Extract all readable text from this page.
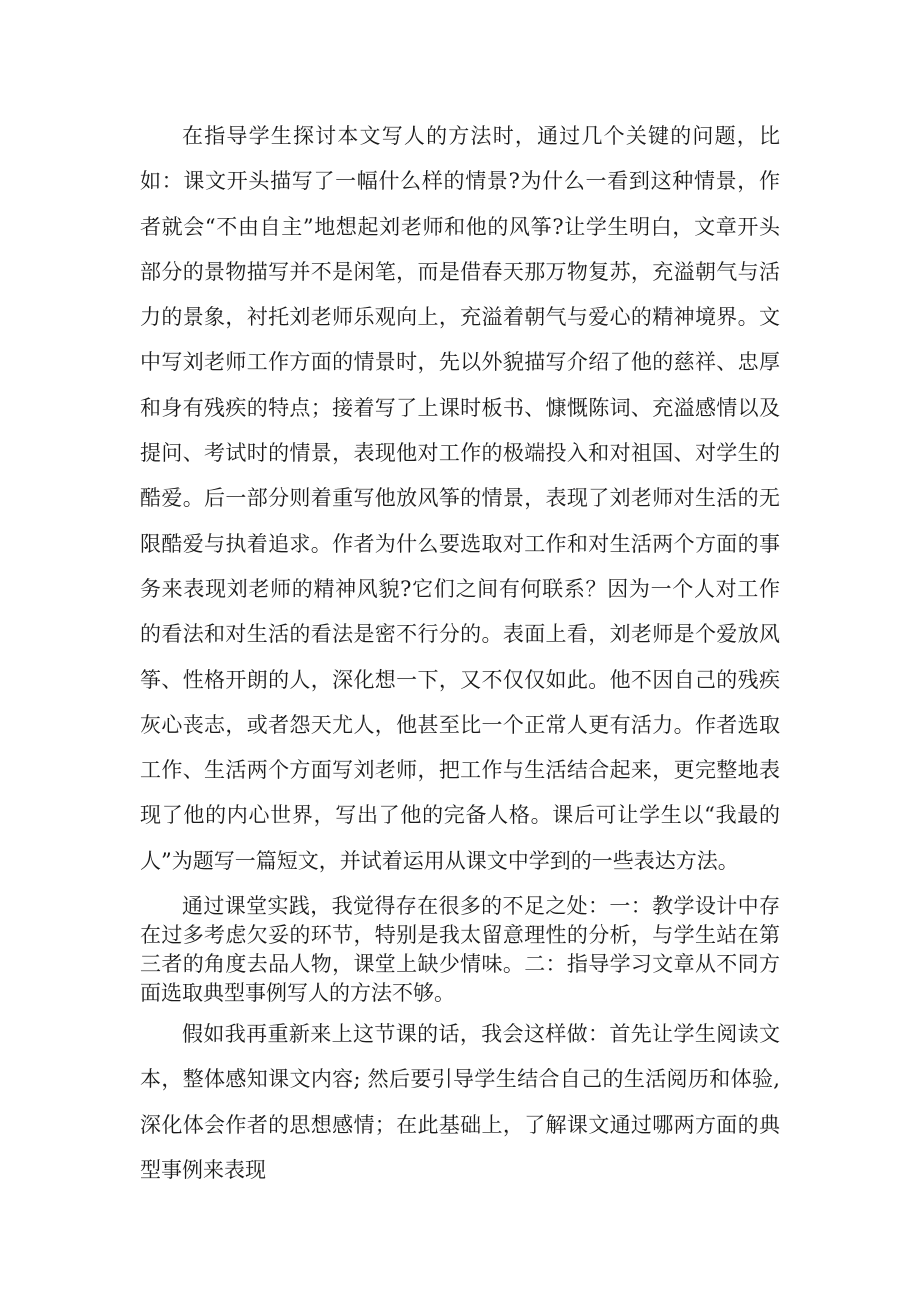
在指导学生探讨本文写人的方法时，通过几个关键的问题，比如：课文开头描写了一幅什么样的情景?为什么一看到这种情景，作者就会“不由自主”地想起刘老师和他的风筝?让学生明白，文章开头部分的景物描写并不是闲笔，而是借春天那万物复苏，充溢朝气与活力的景象，衬托刘老师乐观向上，充溢着朝气与爱心的精神境界。文中写刘老师工作方面的情景时，先以外貌描写介绍了他的慈祥、忠厚和身有残疾的特点；接着写了上课时板书、慷慨陈词、充溢感情以及提问、考试时的情景，表现他对工作的极端投入和对祖国、对学生的酷爱。后一部分则着重写他放风筝的情景，表现了刘老师对生活的无限酷爱与执着追求。作者为什么要选取对工作和对生活两个方面的事务来表现刘老师的精神风貌?它们之间有何联系？因为一个人对工作的看法和对生活的看法是密不行分的。表面上看，刘老师是个爱放风筝、性格开朗的人，深化想一下，又不仅仅如此。他不因自己的残疾灰心丧志，或者怨天尤人，他甚至比一个正常人更有活力。作者选取工作、生活两个方面写刘老师，把工作与生活结合起来，更完整地表现了他的内心世界，写出了他的完备人格。课后可让学生以“我最的人”为题写一篇短文，并试着运用从课文中学到的一些表达方法。

通过课堂实践，我觉得存在很多的不足之处：一：教学设计中存在过多考虑欠妥的环节，特别是我太留意理性的分析，与学生站在第三者的角度去品人物，课堂上缺少情味。二：指导学习文章从不同方面选取典型事例写人的方法不够。

假如我再重新来上这节课的话，我会这样做：首先让学生阅读文本，整体感知课文内容; 然后要引导学生结合自己的生活阅历和体验,深化体会作者的思想感情；在此基础上，了解课文通过哪两方面的典型事例来表现
